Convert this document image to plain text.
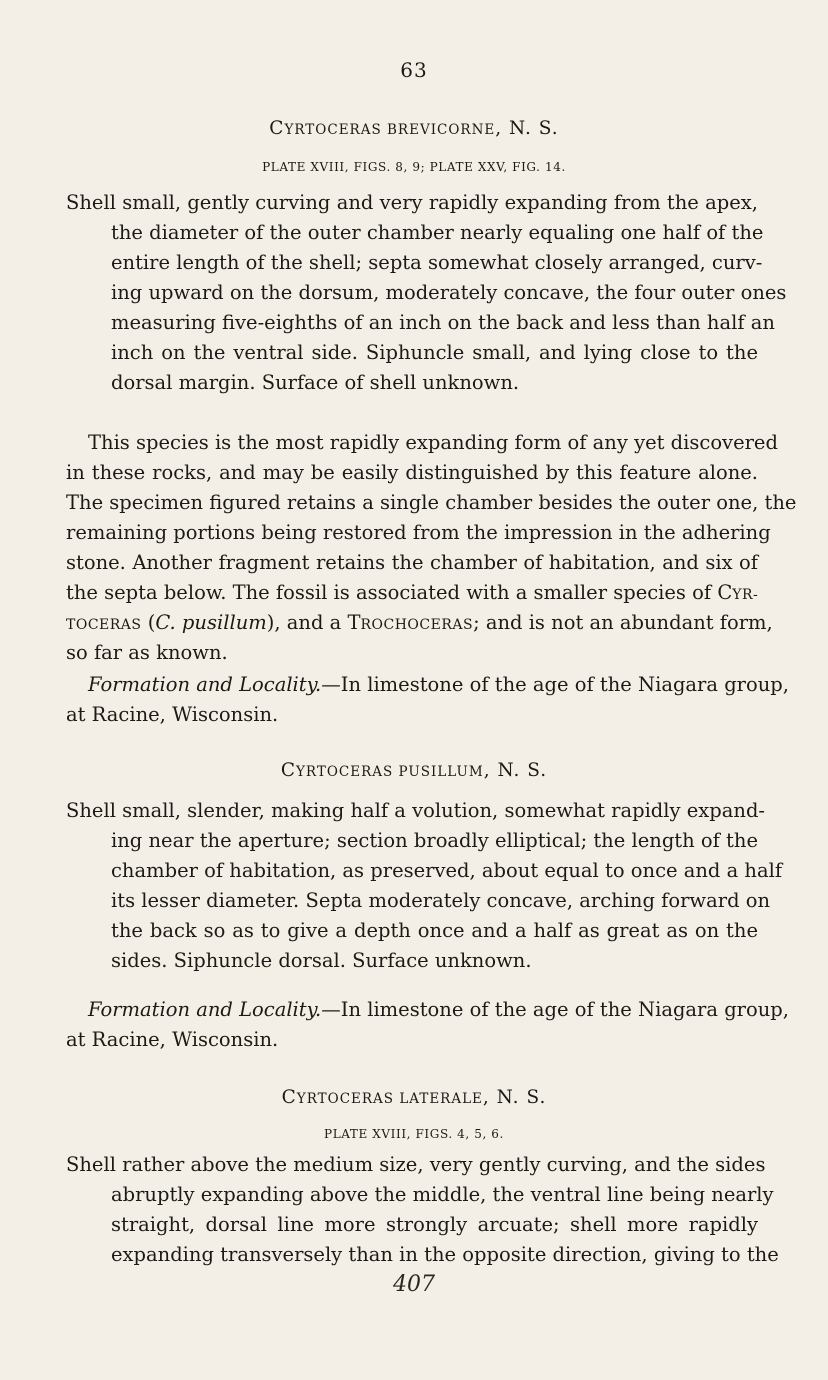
63
CYRTOCERAS BREVICORNE, N. S.
PLATE XVIII, FIGS. 8, 9; PLATE XXV, FIG. 14.
Shell small, gently curving and very rapidly expanding from the apex,
the diameter of the outer chamber nearly equaling one half of the
entire length of the shell; septa somewhat closely arranged, curv-
ing upward on the dorsum, moderately concave, the four outer ones
measuring five-eighths of an inch on the back and less than half an
inch on the ventral side. Siphuncle small, and lying close to the
dorsal margin. Surface of shell unknown.
This species is the most rapidly expanding form of any yet discovered
in these rocks, and may be easily distinguished by this feature alone.
The specimen figured retains a single chamber besides the outer one, the
remaining portions being restored from the impression in the adhering
stone. Another fragment retains the chamber of habitation, and six of
the septa below. The fossil is associated with a smaller species of CYR-
TOCERAS (C. pusillum), and a TROCHOCERAS; and is not an abundant form,
so far as known.
Formation and Locality.—In limestone of the age of the Niagara group,
at Racine, Wisconsin.
CYRTOCERAS PUSILLUM, N. S.
Shell small, slender, making half a volution, somewhat rapidly expand-
ing near the aperture; section broadly elliptical; the length of the
chamber of habitation, as preserved, about equal to once and a half
its lesser diameter. Septa moderately concave, arching forward on
the back so as to give a depth once and a half as great as on the
sides. Siphuncle dorsal. Surface unknown.
Formation and Locality.—In limestone of the age of the Niagara group,
at Racine, Wisconsin.
CYRTOCERAS LATERALE, N. S.
PLATE XVIII, FIGS. 4, 5, 6.
Shell rather above the medium size, very gently curving, and the sides
abruptly expanding above the middle, the ventral line being nearly
straight, dorsal line more strongly arcuate; shell more rapidly
expanding transversely than in the opposite direction, giving to the
407
